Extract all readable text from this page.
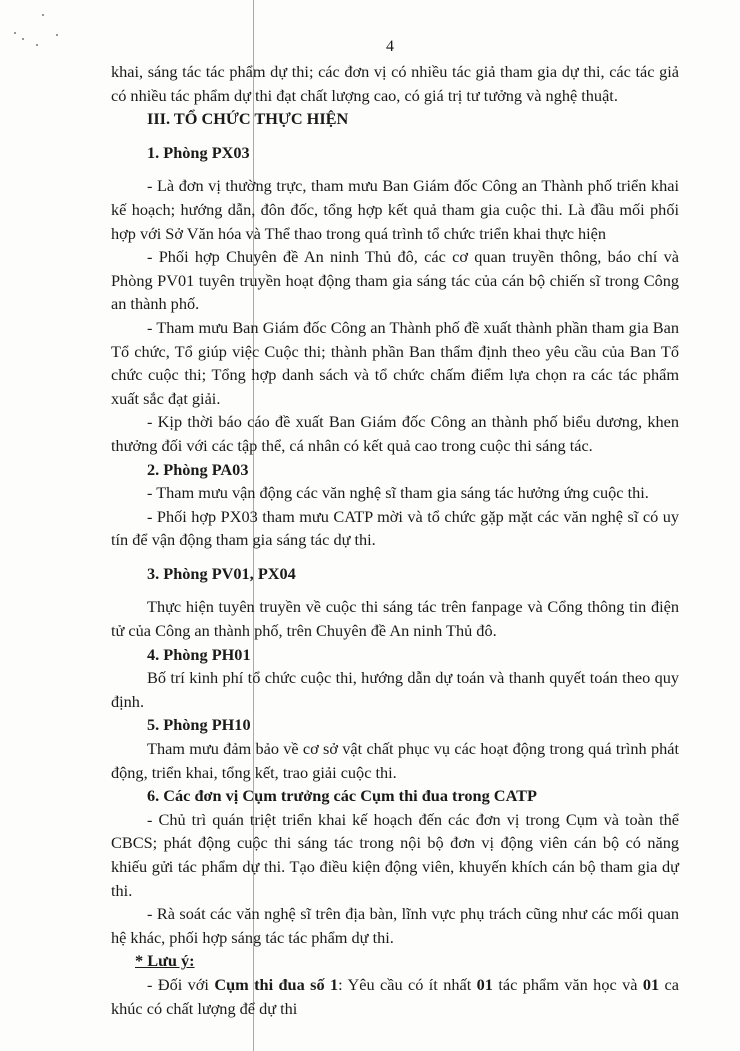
4

khai, sáng tác tác phẩm dự thi; các đơn vị có nhiều tác giả tham gia dự thi, các tác giả có nhiều tác phẩm dự thi đạt chất lượng cao, có giá trị tư tưởng và nghệ thuật.

III. TỔ CHỨC THỰC HIỆN

1. Phòng PX03

- Là đơn vị thường trực, tham mưu Ban Giám đốc Công an Thành phố triển khai kế hoạch; hướng dẫn, đôn đốc, tổng hợp kết quả tham gia cuộc thi. Là đầu mối phối hợp với Sở Văn hóa và Thể thao trong quá trình tổ chức triển khai thực hiện

- Phối hợp Chuyên đề An ninh Thủ đô, các cơ quan truyền thông, báo chí và Phòng PV01 tuyên truyền hoạt động tham gia sáng tác của cán bộ chiến sĩ trong Công an thành phố.

- Tham mưu Ban Giám đốc Công an Thành phố đề xuất thành phần tham gia Ban Tổ chức, Tổ giúp việc Cuộc thi; thành phần Ban thẩm định theo yêu cầu của Ban Tổ chức cuộc thi; Tổng hợp danh sách và tổ chức chấm điểm lựa chọn ra các tác phẩm xuất sắc đạt giải.

- Kịp thời báo cáo đề xuất Ban Giám đốc Công an thành phố biểu dương, khen thưởng đối với các tập thể, cá nhân có kết quả cao trong cuộc thi sáng tác.

2. Phòng PA03

- Tham mưu vận động các văn nghệ sĩ tham gia sáng tác hưởng ứng cuộc thi.

- Phối hợp PX03 tham mưu CATP mời và tổ chức gặp mặt các văn nghệ sĩ có uy tín để vận động tham gia sáng tác dự thi.

3. Phòng PV01, PX04

Thực hiện tuyên truyền về cuộc thi sáng tác trên fanpage và Cổng thông tin điện tử của Công an thành phố, trên Chuyên đề An ninh Thủ đô.

4. Phòng PH01

Bố trí kinh phí tổ chức cuộc thi, hướng dẫn dự toán và thanh quyết toán theo quy định.

5. Phòng PH10

Tham mưu đảm bảo về cơ sở vật chất phục vụ các hoạt động trong quá trình phát động, triển khai, tổng kết, trao giải cuộc thi.

6. Các đơn vị Cụm trưởng các Cụm thi đua trong CATP

- Chủ trì quán triệt triển khai kế hoạch đến các đơn vị trong Cụm và toàn thể CBCS; phát động cuộc thi sáng tác trong nội bộ đơn vị động viên cán bộ có năng khiếu gửi tác phẩm dự thi. Tạo điều kiện động viên, khuyến khích cán bộ tham gia dự thi.

- Rà soát các văn nghệ sĩ trên địa bàn, lĩnh vực phụ trách cũng như các mối quan hệ khác, phối hợp sáng tác tác phẩm dự thi.

* Lưu ý:

- Đối với Cụm thi đua số 1: Yêu cầu có ít nhất 01 tác phẩm văn học và 01 ca khúc có chất lượng để dự thi
